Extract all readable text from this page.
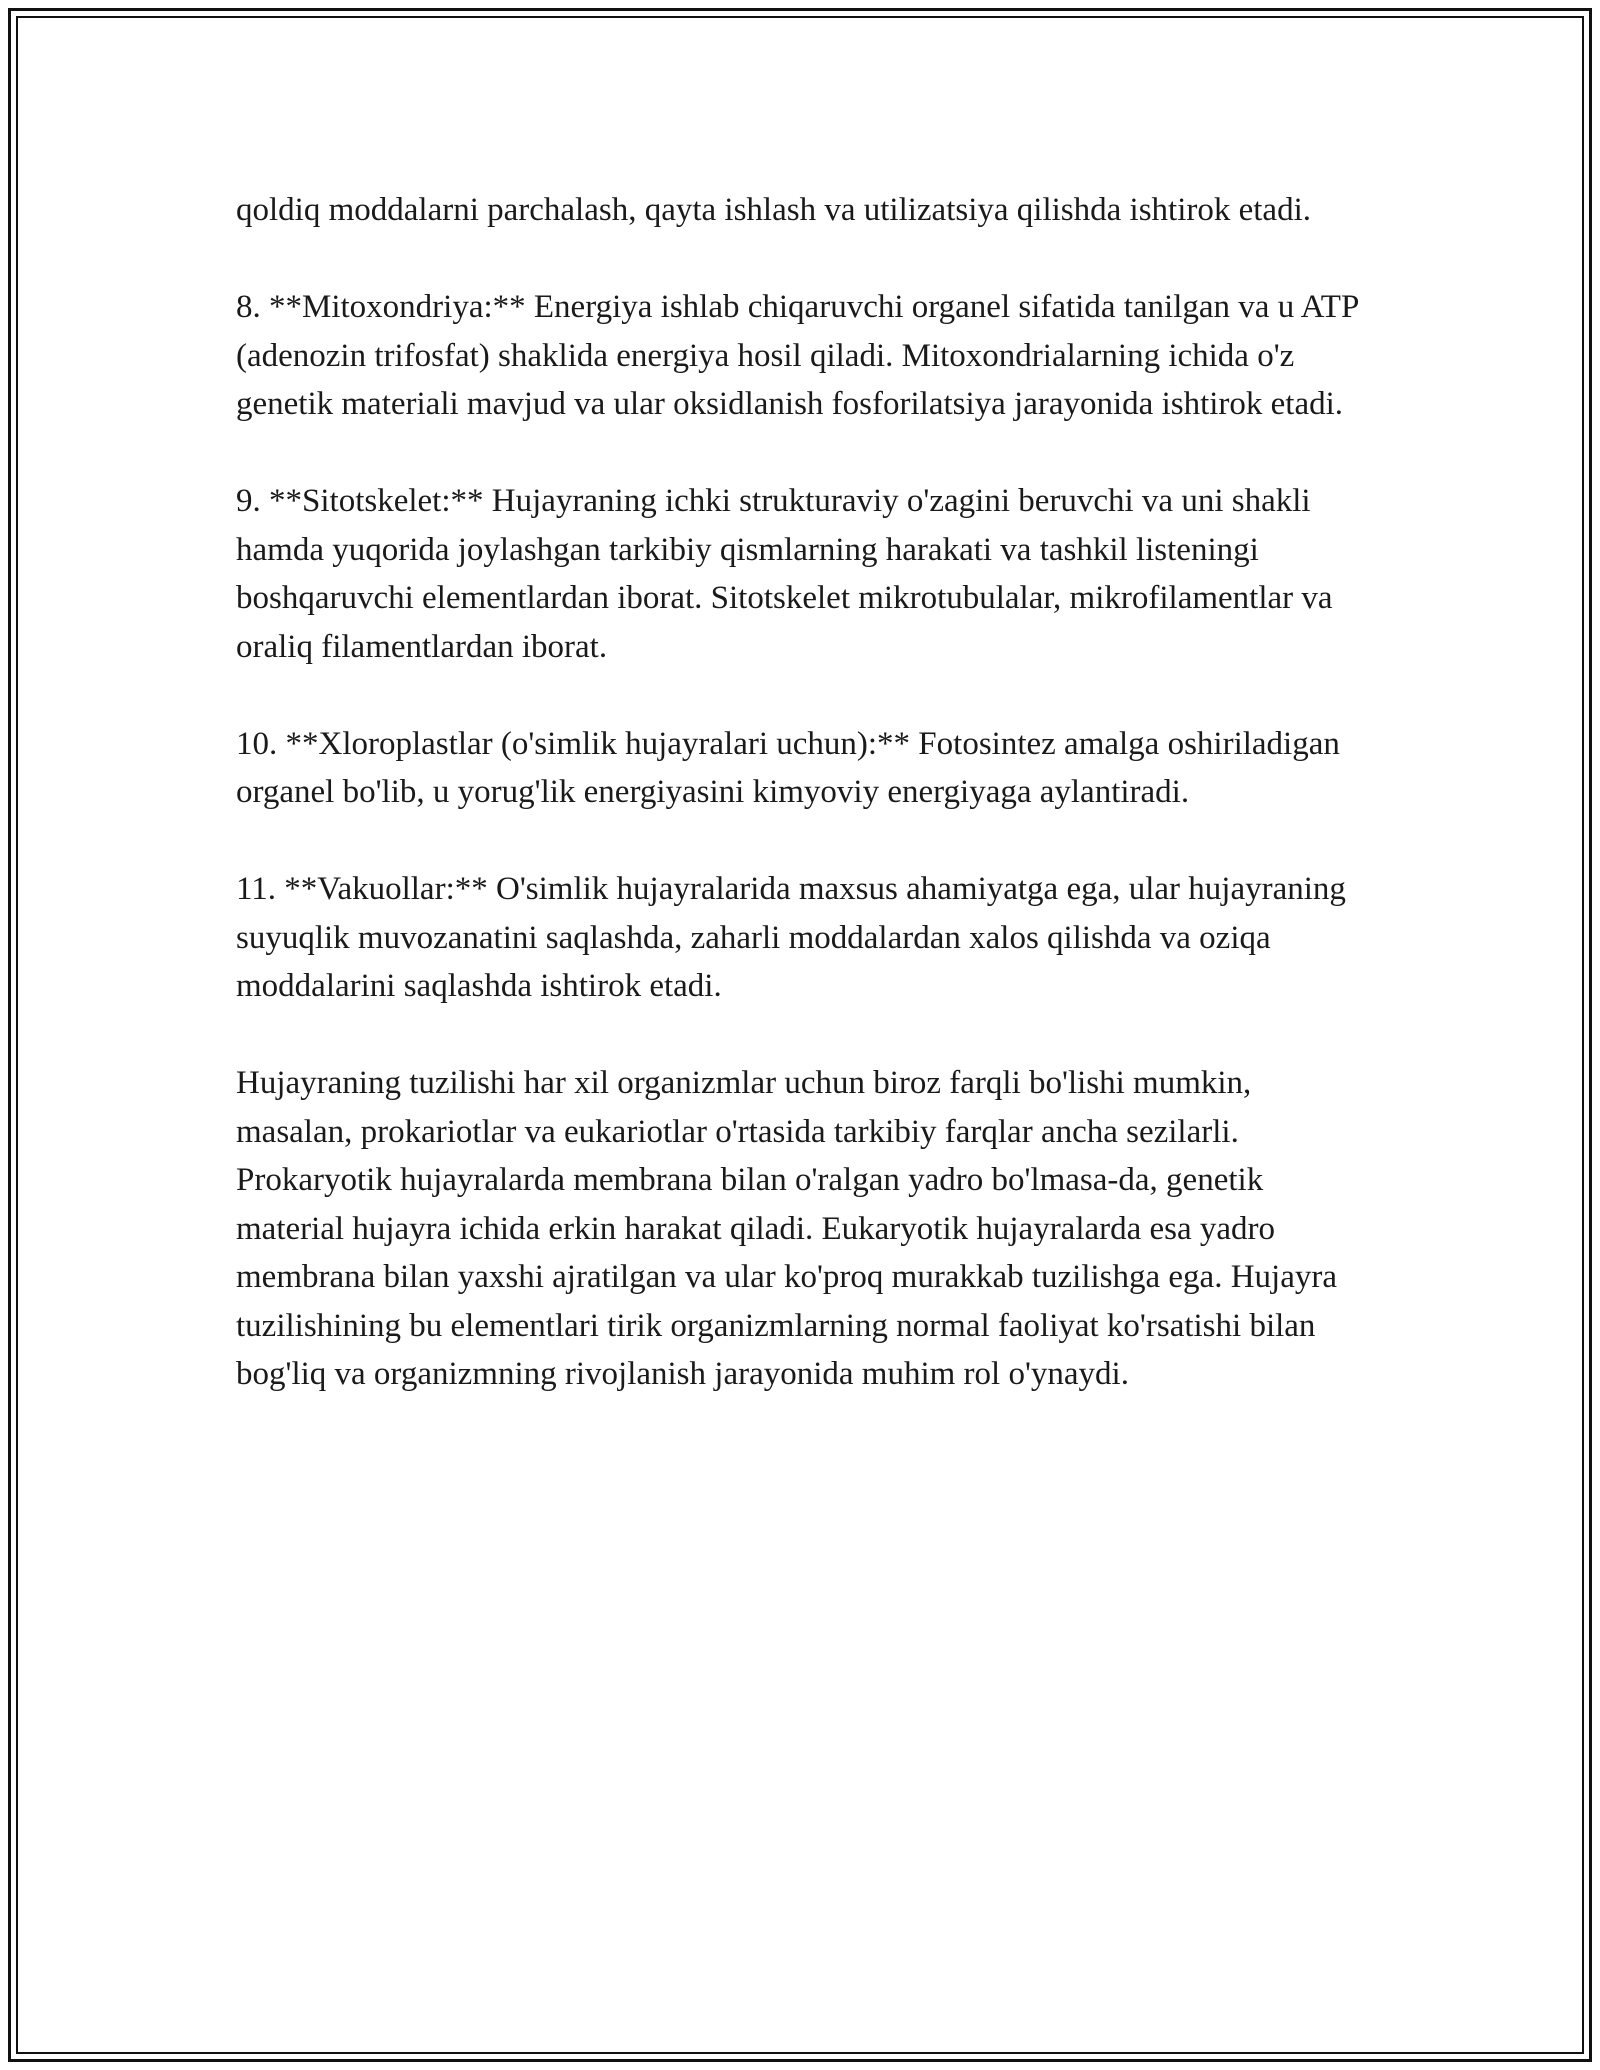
qoldiq moddalarni parchalash, qayta ishlash va utilizatsiya qilishda ishtirok etadi.

8. **Mitoxondriya:** Energiya ishlab chiqaruvchi organel sifatida tanilgan va u ATP (adenozin trifosfat) shaklida energiya hosil qiladi. Mitoxondrialarning ichida o'z genetik materiali mavjud va ular oksidlanish fosforilatsiya jarayonida ishtirok etadi.

9. **Sitotskelet:** Hujayraning ichki strukturaviy o'zagini beruvchi va uni shakli hamda yuqorida joylashgan tarkibiy qismlarning harakati va tashkil listeningi boshqaruvchi elementlardan iborat. Sitotskelet mikrotubulalar, mikrofilamentlar va oraliq filamentlardan iborat.

10. **Xloroplastlar (o'simlik hujayralari uchun):** Fotosintez amalga oshiriladigan organel bo'lib, u yorug'lik energiyasini kimyoviy energiyaga aylantiradi.

11. **Vakuollar:** O'simlik hujayralarida maxsus ahamiyatga ega, ular hujayraning suyuqlik muvozanatini saqlashda, zaharli moddalardan xalos qilishda va oziqa moddalarini saqlashda ishtirok etadi.

Hujayraning tuzilishi har xil organizmlar uchun biroz farqli bo'lishi mumkin, masalan, prokariotlar va eukariotlar o'rtasida tarkibiy farqlar ancha sezilarli. Prokaryotik hujayralarda membrana bilan o'ralgan yadro bo'lmasa-da, genetik material hujayra ichida erkin harakat qiladi. Eukaryotik hujayralarda esa yadro membrana bilan yaxshi ajratilgan va ular ko'proq murakkab tuzilishga ega. Hujayra tuzilishining bu elementlari tirik organizmlarning normal faoliyat ko'rsatishi bilan bog'liq va organizmning rivojlanish jarayonida muhim rol o'ynaydi.
